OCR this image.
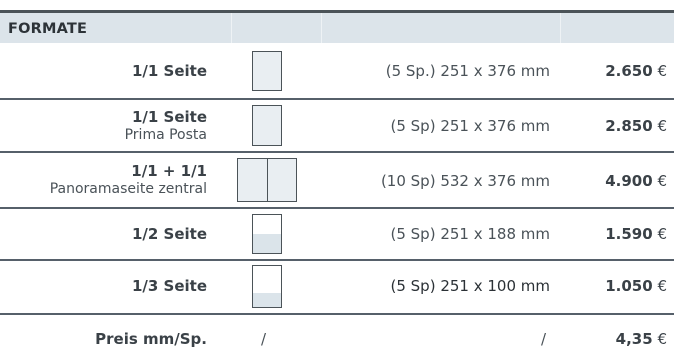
FORMATE
1/1 Seite	(5 Sp.) 251 x 376 mm	2.650 €
1/1 Seite
Prima Posta	(5 Sp) 251 x 376 mm	2.850 €
1/1 + 1/1
Panoramaseite zentral	(10 Sp) 532 x 376 mm	4.900 €
1/2 Seite	(5 Sp) 251 x 188 mm	1.590 €
1/3 Seite	(5 Sp) 251 x 100 mm	1.050 €
Preis mm/Sp.	/	/	4,35 €
